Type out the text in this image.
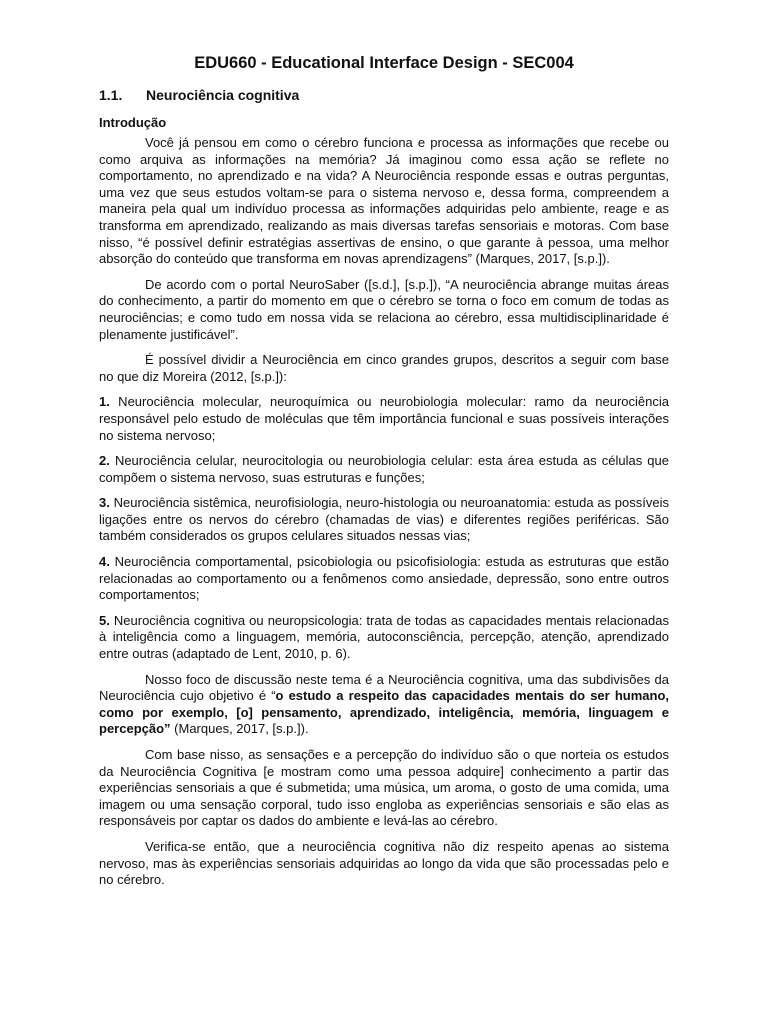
EDU660 - Educational Interface Design - SEC004
1.1.	Neurociência cognitiva
Introdução

Você já pensou em como o cérebro funciona e processa as informações que recebe ou como arquiva as informações na memória? Já imaginou como essa ação se reflete no comportamento, no aprendizado e na vida? A Neurociência responde essas e outras perguntas, uma vez que seus estudos voltam-se para o sistema nervoso e, dessa forma, compreendem a maneira pela qual um indivíduo processa as informações adquiridas pelo ambiente, reage e as transforma em aprendizado, realizando as mais diversas tarefas sensoriais e motoras. Com base nisso, “é possível definir estratégias assertivas de ensino, o que garante à pessoa, uma melhor absorção do conteúdo que transforma em novas aprendizagens” (Marques, 2017, [s.p.]).

De acordo com o portal NeuroSaber ([s.d.], [s.p.]), “A neurociência abrange muitas áreas do conhecimento, a partir do momento em que o cérebro se torna o foco em comum de todas as neurociências; e como tudo em nossa vida se relaciona ao cérebro, essa multidisciplinaridade é plenamente justificável”.

É possível dividir a Neurociência em cinco grandes grupos, descritos a seguir com base no que diz Moreira (2012, [s.p.]):

1. Neurociência molecular, neuroquímica ou neurobiologia molecular: ramo da neurociência responsável pelo estudo de moléculas que têm importância funcional e suas possíveis interações no sistema nervoso;

2. Neurociência celular, neurocitologia ou neurobiologia celular: esta área estuda as células que compõem o sistema nervoso, suas estruturas e funções;

3. Neurociência sistêmica, neurofisiologia, neuro-histologia ou neuroanatomia: estuda as possíveis ligações entre os nervos do cérebro (chamadas de vias) e diferentes regiões periféricas. São também considerados os grupos celulares situados nessas vias;

4. Neurociência comportamental, psicobiologia ou psicofisiologia: estuda as estruturas que estão relacionadas ao comportamento ou a fenômenos como ansiedade, depressão, sono entre outros comportamentos;

5. Neurociência cognitiva ou neuropsicologia: trata de todas as capacidades mentais relacionadas à inteligência como a linguagem, memória, autoconsciência, percepção, atenção, aprendizado entre outras (adaptado de Lent, 2010, p. 6).

Nosso foco de discussão neste tema é a Neurociência cognitiva, uma das subdivisões da Neurociência cujo objetivo é “o estudo a respeito das capacidades mentais do ser humano, como por exemplo, [o] pensamento, aprendizado, inteligência, memória, linguagem e percepção” (Marques, 2017, [s.p.]).

Com base nisso, as sensações e a percepção do indivíduo são o que norteia os estudos da Neurociência Cognitiva [e mostram como uma pessoa adquire] conhecimento a partir das experiências sensoriais a que é submetida; uma música, um aroma, o gosto de uma comida, uma imagem ou uma sensação corporal, tudo isso engloba as experiências sensoriais e são elas as responsáveis por captar os dados do ambiente e levá-las ao cérebro.

Verifica-se então, que a neurociência cognitiva não diz respeito apenas ao sistema nervoso, mas às experiências sensoriais adquiridas ao longo da vida que são processadas pelo e no cérebro.
